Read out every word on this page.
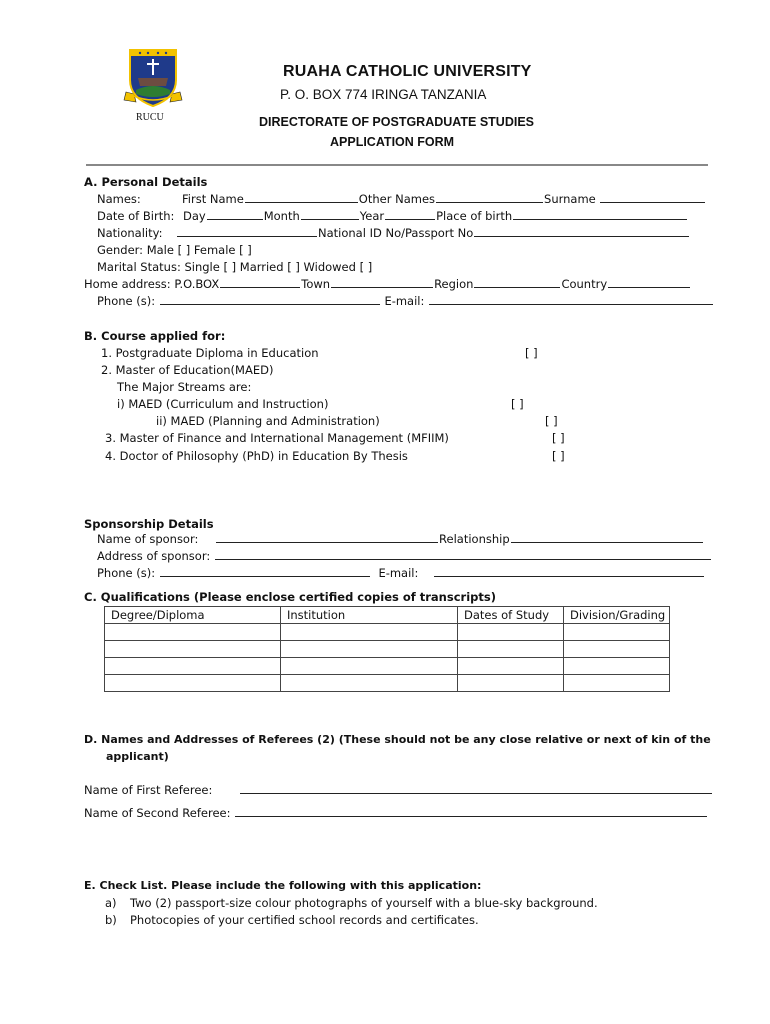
RUCU
RUAHA CATHOLIC UNIVERSITY
P. O. BOX 774 IRINGA TANZANIA
DIRECTORATE OF POSTGRADUATE STUDIES
APPLICATION FORM
A. Personal Details
Names:	First Name	Other Names	Surname
Date of Birth: Day	Month	Year	Place of birth
Nationality:	National ID No/Passport No
Gender: Male [ ] Female [ ]
Marital Status: Single [ ] Married [ ] Widowed [ ]
Home address: P.O.BOX	Town	Region	Country
Phone (s):	E-mail:
B. Course applied for:
1. Postgraduate Diploma in Education	[ ]
2. Master of Education(MAED)
The Major Streams are:
i) MAED (Curriculum and Instruction)	[ ]
ii) MAED (Planning and Administration)	[ ]
3. Master of Finance and International Management (MFIIM)	[ ]
4. Doctor of Philosophy (PhD) in Education By Thesis	[ ]
Sponsorship Details
Name of sponsor:	Relationship
Address of sponsor:
Phone (s):	E-mail:
C. Qualifications (Please enclose certified copies of transcripts)
Degree/Diploma	Institution	Dates of Study	Division/Grading

D. Names and Addresses of Referees (2) (These should not be any close relative or next of kin of the
applicant)
Name of First Referee:
Name of Second Referee:
E. Check List. Please include the following with this application:
a) Two (2) passport-size colour photographs of yourself with a blue-sky background.
b) Photocopies of your certified school records and certificates.
